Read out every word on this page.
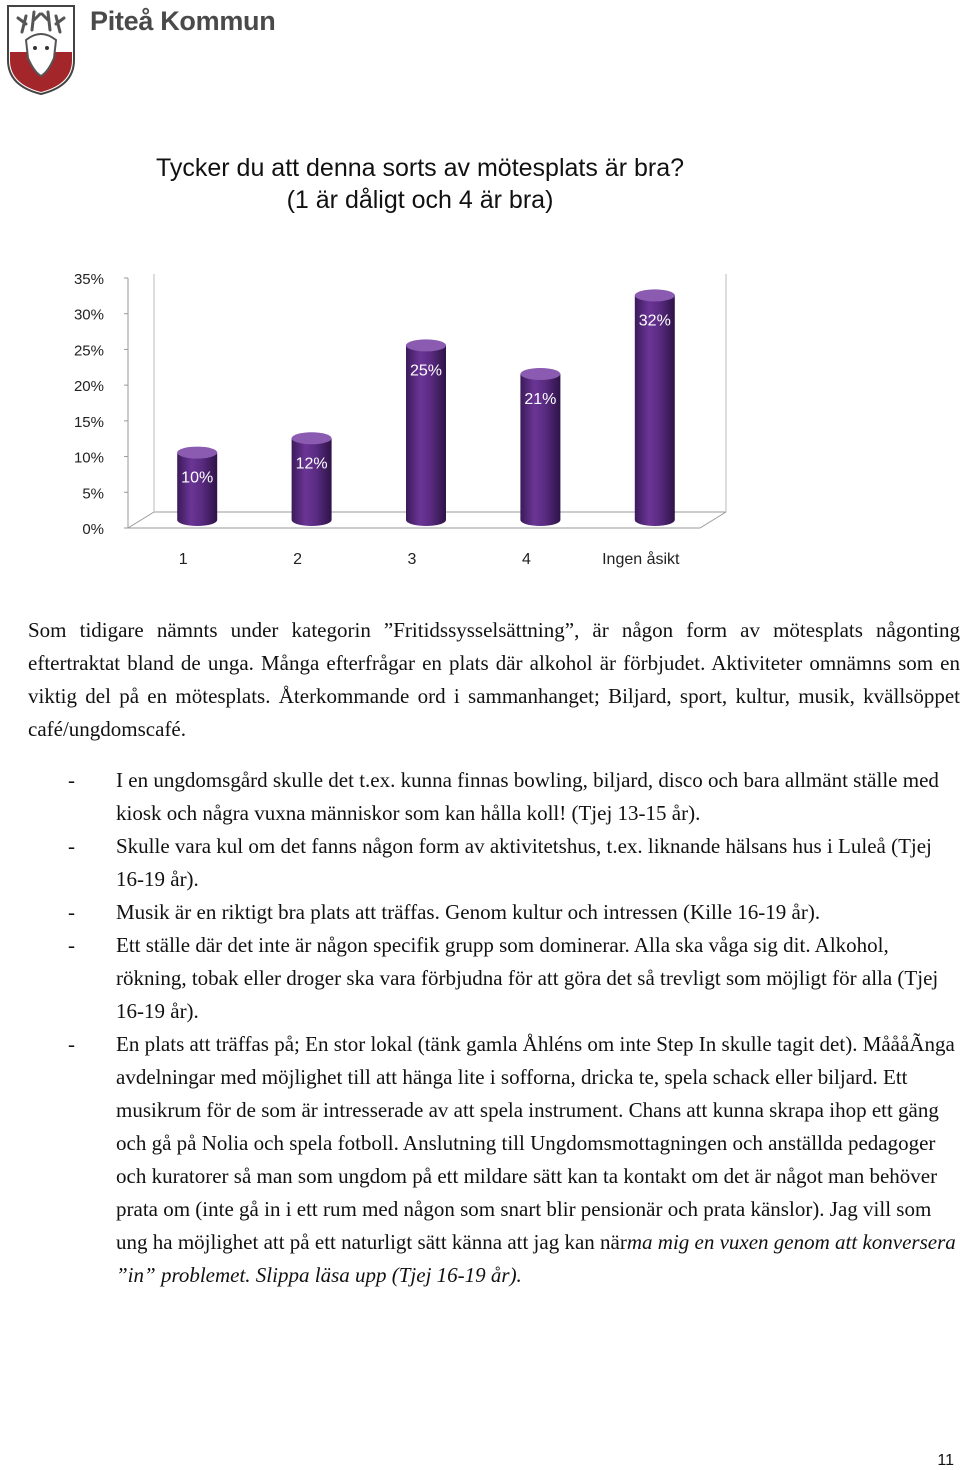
Piteå Kommun
Tycker du att denna sorts av mötesplats är bra?
(1 är dåligt och 4 är bra)
0%
5%
10%
15%
20%
25%
30%
35%
10%
12%
25%
21%
32%
1	2	3	4	Ingen åsikt

Som tidigare nämnts under kategorin ”Fritidssysselsättning”, är någon form av mötesplats någonting eftertraktat bland de unga. Många efterfrågar en plats där alkohol är förbjudet. Aktiviteter omnämns som en viktig del på en mötesplats. Återkommande ord i sammanhanget; Biljard, sport, kultur, musik, kvällsöppet café/ungdomscafé.

- I en ungdomsgård skulle det t.ex. kunna finnas bowling, biljard, disco och bara allmänt ställe med kiosk och några vuxna människor som kan hålla koll! (Tjej 13-15 år).
- Skulle vara kul om det fanns någon form av aktivitetshus, t.ex. liknande hälsans hus i Luleå (Tjej 16-19 år).
- Musik är en riktigt bra plats att träffas. Genom kultur och intressen (Kille 16-19 år).
- Ett ställe där det inte är någon specifik grupp som dominerar. Alla ska våga sig dit. Alkohol, rökning, tobak eller droger ska vara förbjudna för att göra det så trevligt som möjligt för alla (Tjej 16-19 år).
- En plats att träffas på; En stor lokal (tänk gamla Åhléns om inte Step In skulle tagit det). MåååÃnga avdelningar med möjlighet till att hänga lite i sofforna, dricka te, spela schack eller biljard. Ett musikrum för de som är intresserade av att spela instrument. Chans att kunna skrapa ihop ett gäng och gå på Nolia och spela fotboll. Anslutning till Ungdomsmottagningen och anställda pedagoger och kuratorer så man som ungdom på ett mildare sätt kan ta kontakt om det är något man behöver prata om (inte gå in i ett rum med någon som snart blir pensionär och prata känslor). Jag vill som ung ha möjlighet att på ett naturligt sätt känna att jag kan närma mig en vuxen genom att konversera ”in” problemet. Slippa läsa upp (Tjej 16-19 år).
11
